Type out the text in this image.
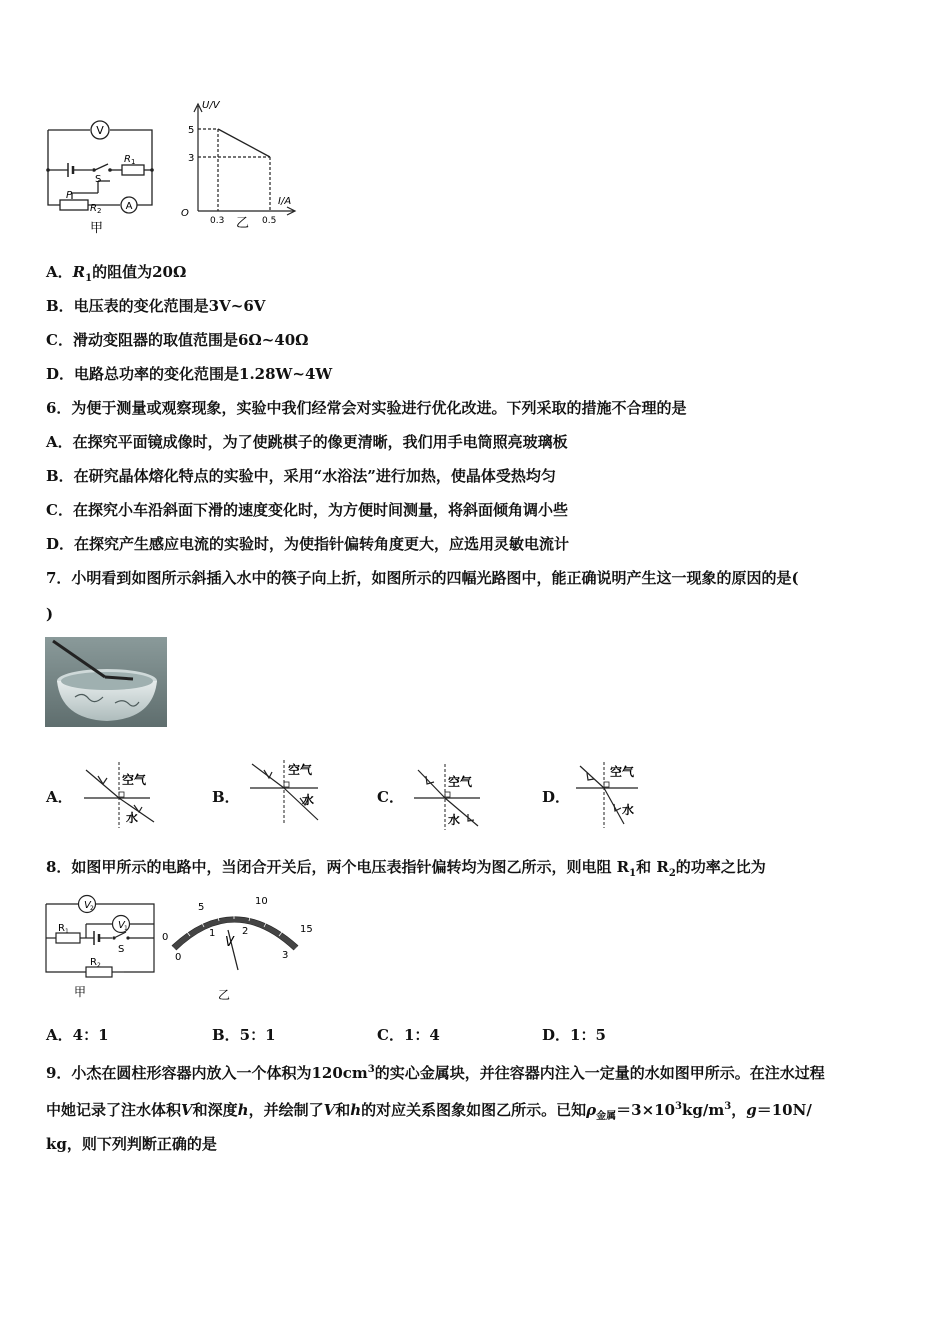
V
A
S
R 1
R 2
P
甲
U/V
I/A
O
5
3
0.3	0.5
乙
A．$R_1$的阻值为20Ω
B．电压表的变化范围是3V~6V
C．滑动变阻器的取值范围是6Ω~40Ω
D．电路总功率的变化范围是1.28W~4W
6．为便于测量或观察现象，实验中我们经常会对实验进行优化改进。下列采取的措施不合理的是
A．在探究平面镜成像时，为了使跳棋子的像更清晰，我们用手电筒照亮玻璃板
B．在研究晶体熔化特点的实验中，采用“水浴法”进行加热，使晶体受热均匀
C．在探究小车沿斜面下滑的速度变化时，为方便时间测量，将斜面倾角调小些
D．在探究产生感应电流的实验时，为使指针偏转角度更大，应选用灵敏电流计
7．小明看到如图所示斜插入水中的筷子向上折，如图所示的四幅光路图中，能正确说明产生这一现象的原因的是(
)
A．	B．	C．	D．
空气
水
空气
水
空气
水
空气
水
8．如图甲所示的电路中，当闭合开关后，两个电压表指针偏转均为图乙所示，则电阻 $R_1$和 $R_2$的功率之比为
V 2
V 1
R 1
R 2
S
甲
0
5
10
15
0
1	2
3
V
乙
A．4：1	B．5：1	C．1：4	D．1：5
9．小杰在圆柱形容器内放入一个体积为$120cm^3$的实心金属块，并往容器内注入一定量的水如图甲所示。在注水过程
中她记录了注水体积V和深度h，并绘制了V和h的对应关系图象如图乙所示。已知$\rho_{金属}=3\times 10^3kg/m^3$，g＝10N/
kg，则下列判断正确的是
